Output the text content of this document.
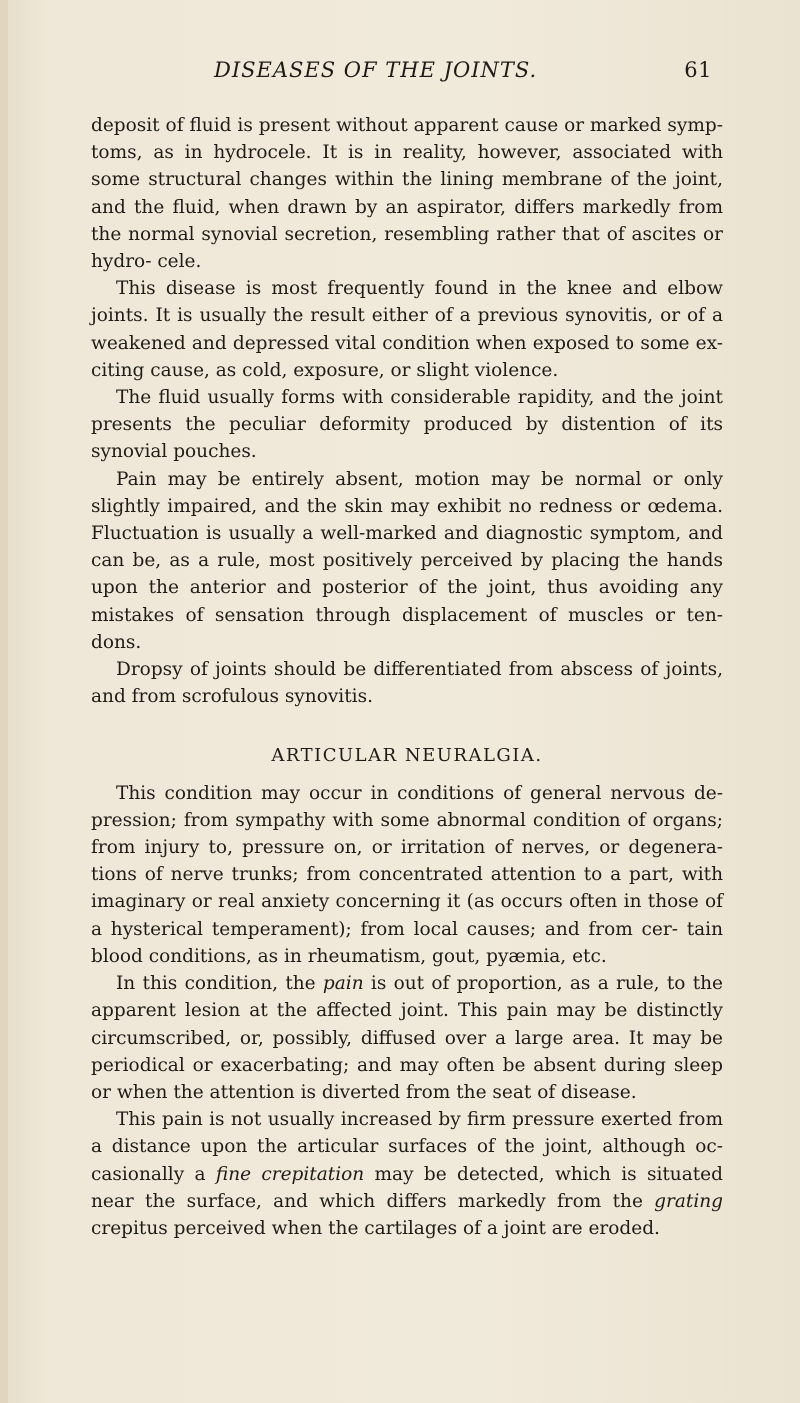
DISEASES OF THE JOINTS.	61

deposit of fluid is present without apparent cause or marked symp- toms, as in hydrocele. It is in reality, however, associated with some structural changes within the lining membrane of the joint, and the fluid, when drawn by an aspirator, differs markedly from the normal synovial secretion, resembling rather that of ascites or hydro- cele.

This disease is most frequently found in the knee and elbow joints. It is usually the result either of a previous synovitis, or of a weakened and depressed vital condition when exposed to some ex- citing cause, as cold, exposure, or slight violence.

The fluid usually forms with considerable rapidity, and the joint presents the peculiar deformity produced by distention of its synovial pouches.

Pain may be entirely absent, motion may be normal or only slightly impaired, and the skin may exhibit no redness or œdema. Fluctuation is usually a well-marked and diagnostic symptom, and can be, as a rule, most positively perceived by placing the hands upon the anterior and posterior of the joint, thus avoiding any mistakes of sensation through displacement of muscles or ten- dons.

Dropsy of joints should be differentiated from abscess of joints, and from scrofulous synovitis.

ARTICULAR NEURALGIA.

This condition may occur in conditions of general nervous de- pression; from sympathy with some abnormal condition of organs; from injury to, pressure on, or irritation of nerves, or degenera- tions of nerve trunks; from concentrated attention to a part, with imaginary or real anxiety concerning it (as occurs often in those of a hysterical temperament); from local causes; and from cer- tain blood conditions, as in rheumatism, gout, pyæmia, etc.

In this condition, the pain is out of proportion, as a rule, to the apparent lesion at the affected joint. This pain may be distinctly circumscribed, or, possibly, diffused over a large area. It may be periodical or exacerbating; and may often be absent during sleep or when the attention is diverted from the seat of disease.

This pain is not usually increased by firm pressure exerted from a distance upon the articular surfaces of the joint, although oc- casionally a fine crepitation may be detected, which is situated near the surface, and which differs markedly from the grating crepitus perceived when the cartilages of a joint are eroded.
